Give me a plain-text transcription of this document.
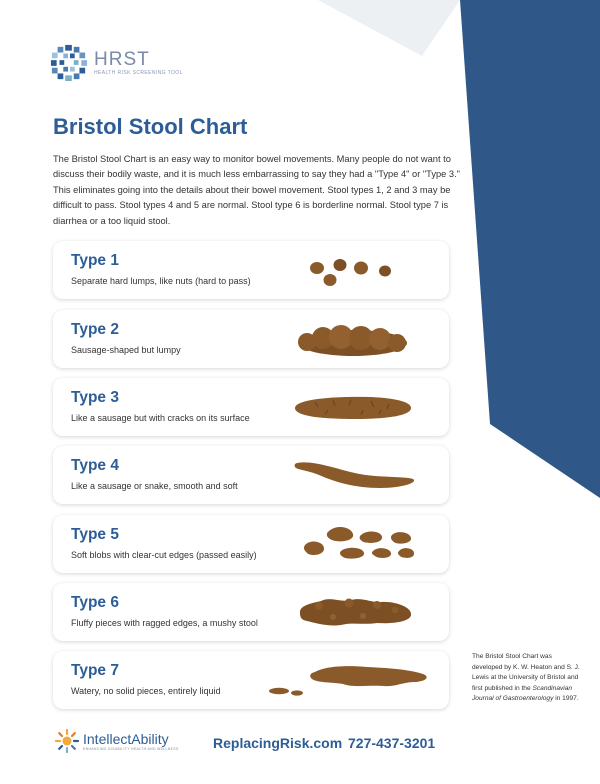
HRST
HEALTH RISK SCREENING TOOL
Bristol Stool Chart

The Bristol Stool Chart is an easy way to monitor bowel movements. Many people do not want to discuss their bodily waste, and it is much less embarrassing to say they had a "Type 4" or "Type 3." This eliminates going into the details about their bowel movement. Stool types 1, 2 and 3 may be difficult to pass. Stool types 4 and 5 are normal. Stool type 6 is borderline normal. Stool type 7 is diarrhea or a too liquid stool.

Type 1
Separate hard lumps, like nuts (hard to pass)
Type 2
Sausage-shaped but lumpy
Type 3
Like a sausage but with cracks on its surface
Type 4
Like a sausage or snake, smooth and soft
Type 5
Soft blobs with clear-cut edges (passed easily)
Type 6
Fluffy pieces with ragged edges, a mushy stool
Type 7
Watery, no solid pieces, entirely liquid
The Bristol Stool Chart was developed by K. W. Heaton and S. J. Lewis at the University of Bristol and first published in the Scandinavian Journal of Gastroenterology in 1997.
IntellectAbility
ENHANCING DISABILITY HEALTH AND WELLNESS ReplacingRisk.com 727-437-3201
